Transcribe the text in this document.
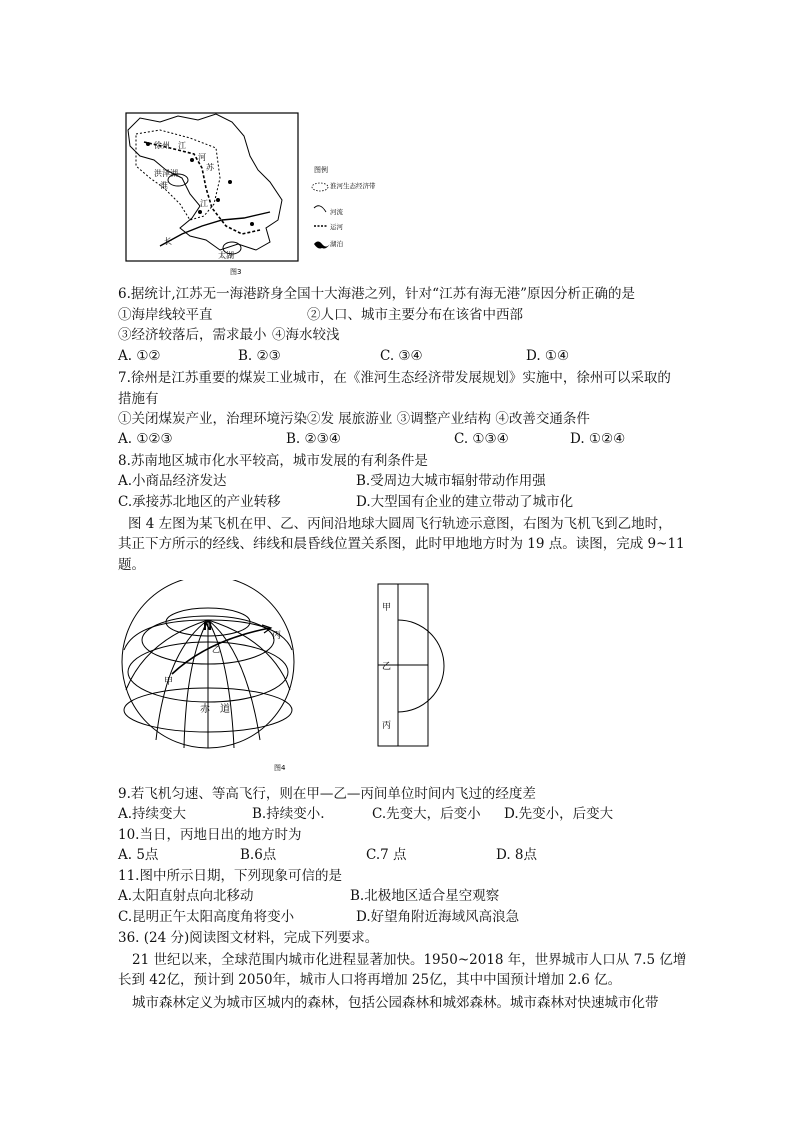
徐州 江
河
苏
洪泽湖
淮
江
长
太湖
图例
淮河生态经济带
河流
运河
湖泊
图3
6.据统计,江苏无一海港跻身全国十大海港之列，针对“江苏有海无港”原因分析正确的是
①海岸线较平直	②人口、城市主要分布在该省中西部
③经济较落后，需求最小 ④海水较浅
A. ①②	B. ②③	C. ③④	D. ①④
7.徐州是江苏重要的煤炭工业城市，在《淮河生态经济带发展规划》实施中，徐州可以采取的
措施有
①关闭煤炭产业，治理环境污染②发 展旅游业 ③调整产业结构 ④改善交通条件
A. ①②③	B. ②③④	C. ①③④	D. ①②④
8.苏南地区城市化水平较高，城市发展的有利条件是
A.小商品经济发达	B.受周边大城市辐射带动作用强
C.承接苏北地区的产业转移	D.大型国有企业的建立带动了城市化
图 4 左图为某飞机在甲、乙、丙间沿地球大圆周飞行轨迹示意图，右图为飞机飞到乙地时，
其正下方所示的经线、纬线和晨昏线位置关系图，此时甲地地方时为 19 点。读图，完成 9~11
题。
N
甲
乙
丙
赤　道
甲
乙
丙
图4
9.若飞机匀速、等高飞行，则在甲—乙—丙间单位时间内飞过的经度差
A.持续变大	B.持续变小.	C.先变大，后变小 D.先变小，后变大
10.当日，丙地日出的地方时为
A. 5点	B.6点	C.7 点	D. 8点
11.图中所示日期，下列现象可信的是
A.太阳直射点向北移动	B.北极地区适合星空观察
C.昆明正午太阳高度角将变小	D.好望角附近海域风高浪急
36. (24 分)阅读图文材料，完成下列要求。
21 世纪以来，全球范围内城市化进程显著加快。1950~2018 年，世界城市人口从 7.5 亿增
长到 42亿，预计到 2050年，城市人口将再增加 25亿，其中中国预计增加 2.6 亿。
城市森林定义为城市区城内的森林，包括公园森林和城郊森林。城市森林对快速城市化带
